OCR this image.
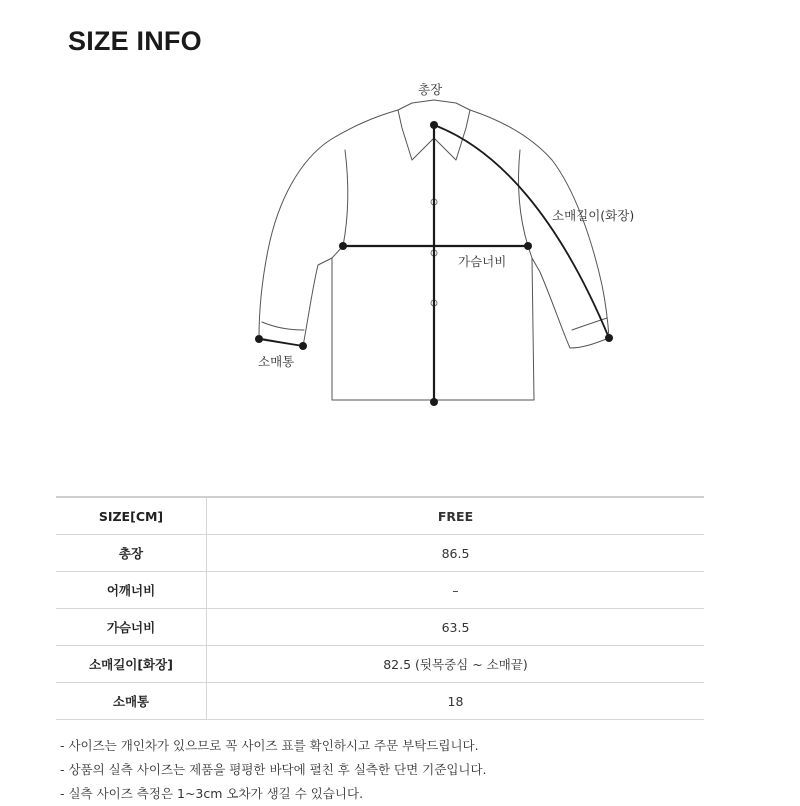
SIZE INFO
총장
소매길이(화장)
가슴너비
소매통
SIZE[CM]	FREE
총장	86.5
어깨너비	–
가슴너비	63.5
소매길이[화장]	82.5 (뒷목중심 ~ 소매끝)
소매통	18
- 사이즈는 개인차가 있으므로 꼭 사이즈 표를 확인하시고 주문 부탁드립니다.
- 상품의 실측 사이즈는 제품을 평평한 바닥에 펼친 후 실측한 단면 기준입니다.
- 실측 사이즈 측정은 1~3cm 오차가 생길 수 있습니다.
